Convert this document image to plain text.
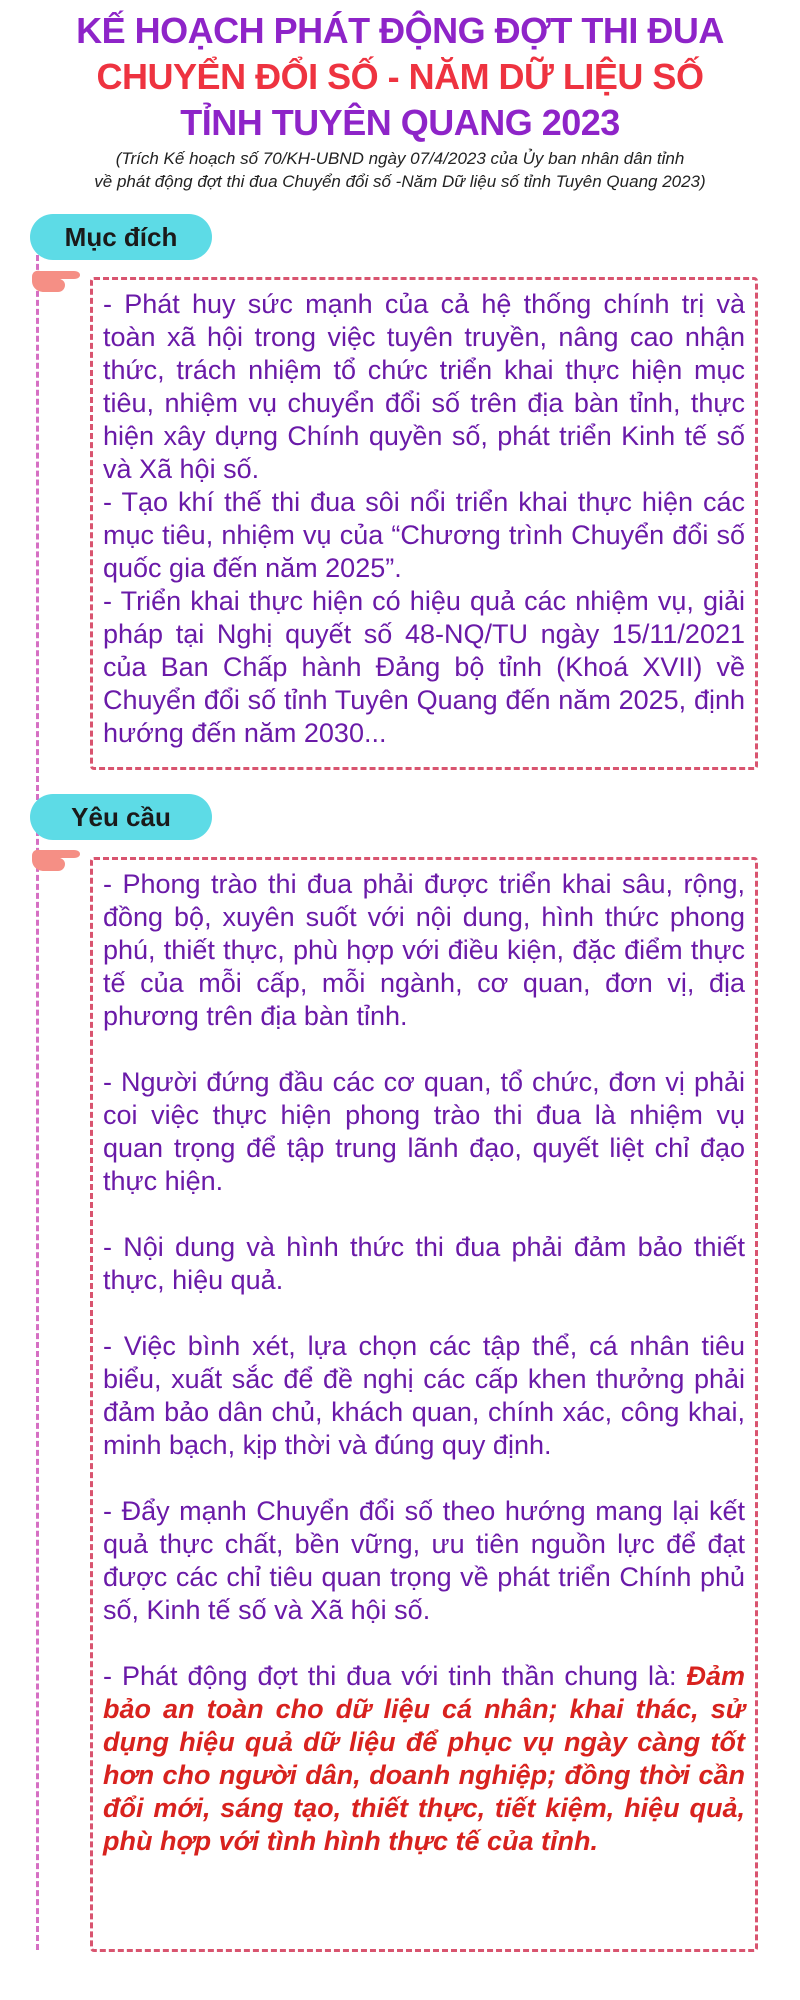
KẾ HOẠCH PHÁT ĐỘNG ĐỢT THI ĐUA
CHUYỂN ĐỔI SỐ - NĂM DỮ LIỆU SỐ
TỈNH TUYÊN QUANG 2023
(Trích Kế hoạch số 70/KH-UBND ngày 07/4/2023 của Ủy ban nhân dân tỉnh
về phát động đợt thi đua Chuyển đổi số -Năm Dữ liệu số tỉnh Tuyên Quang 2023)
Mục đích

- Phát huy sức mạnh của cả hệ thống chính trị và toàn xã hội trong việc tuyên truyền, nâng cao nhận thức, trách nhiệm tổ chức triển khai thực hiện mục tiêu, nhiệm vụ chuyển đổi số trên địa bàn tỉnh, thực hiện xây dựng Chính quyền số, phát triển Kinh tế số và Xã hội số.

- Tạo khí thế thi đua sôi nổi triển khai thực hiện các mục tiêu, nhiệm vụ của “Chương trình Chuyển đổi số quốc gia đến năm 2025”.

- Triển khai thực hiện có hiệu quả các nhiệm vụ, giải pháp tại Nghị quyết số 48-NQ/TU ngày 15/11/2021 của Ban Chấp hành Đảng bộ tỉnh (Khoá XVII) về Chuyển đổi số tỉnh Tuyên Quang đến năm 2025, định hướng đến năm 2030...

Yêu cầu

- Phong trào thi đua phải được triển khai sâu, rộng, đồng bộ, xuyên suốt với nội dung, hình thức phong phú, thiết thực, phù hợp với điều kiện, đặc điểm thực tế của mỗi cấp, mỗi ngành, cơ quan, đơn vị, địa phương trên địa bàn tỉnh.

- Người đứng đầu các cơ quan, tổ chức, đơn vị phải coi việc thực hiện phong trào thi đua là nhiệm vụ quan trọng để tập trung lãnh đạo, quyết liệt chỉ đạo thực hiện.

- Nội dung và hình thức thi đua phải đảm bảo thiết thực, hiệu quả.

- Việc bình xét, lựa chọn các tập thể, cá nhân tiêu biểu, xuất sắc để đề nghị các cấp khen thưởng phải đảm bảo dân chủ, khách quan, chính xác, công khai, minh bạch, kịp thời và đúng quy định.

- Đẩy mạnh Chuyển đổi số theo hướng mang lại kết quả thực chất, bền vững, ưu tiên nguồn lực để đạt được các chỉ tiêu quan trọng về phát triển Chính phủ số, Kinh tế số và Xã hội số.

- Phát động đợt thi đua với tinh thần chung là: Đảm bảo an toàn cho dữ liệu cá nhân; khai thác, sử dụng hiệu quả dữ liệu để phục vụ ngày càng tốt hơn cho người dân, doanh nghiệp; đồng thời cần đổi mới, sáng tạo, thiết thực, tiết kiệm, hiệu quả, phù hợp với tình hình thực tế của tỉnh.
